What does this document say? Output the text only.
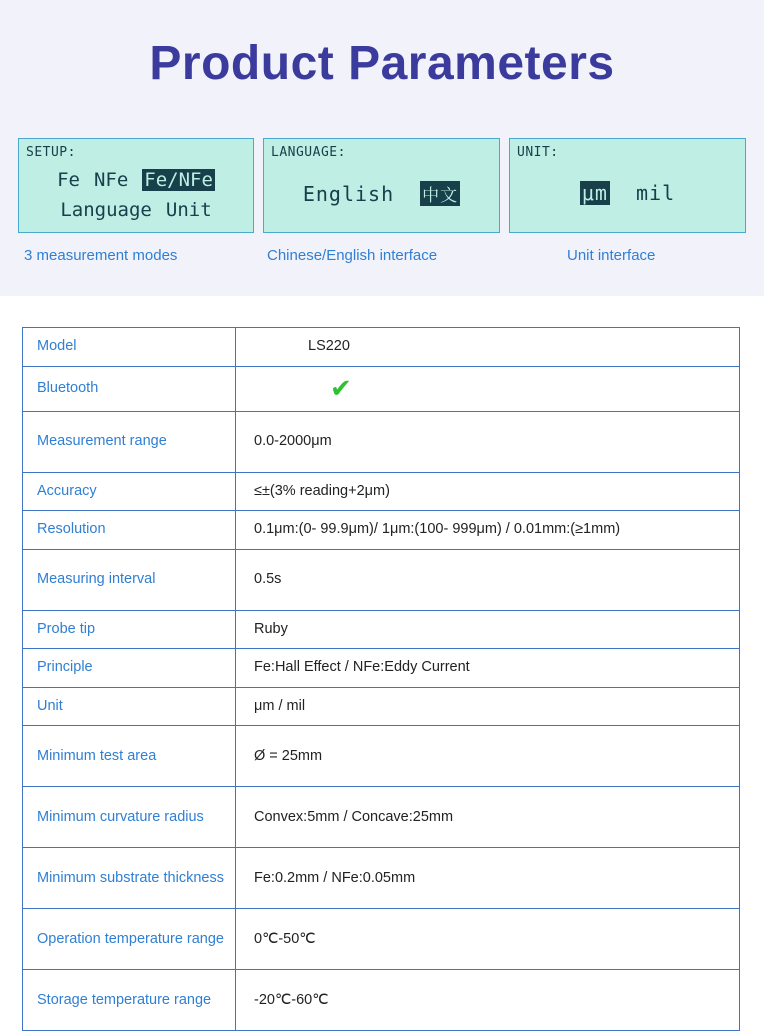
Product Parameters
SETUP:
Fe NFe Fe/NFe
Language Unit
3 measurement modes
LANGUAGE:
English 中文
Chinese/English interface
UNIT:
μm mil
Unit interface
Model	LS220
Bluetooth	✔
Measurement range	0.0-2000μm
Accuracy	≤±(3% reading+2μm)
Resolution	0.1μm:(0- 99.9μm)/ 1μm:(100- 999μm) / 0.01mm:(≥1mm)
Measuring interval	0.5s
Probe tip	Ruby
Principle	Fe:Hall Effect / NFe:Eddy Current
Unit	μm / mil
Minimum test area	Ø = 25mm
Minimum curvature radius	Convex:5mm / Concave:25mm
Minimum substrate thickness	Fe:0.2mm / NFe:0.05mm
Operation temperature range	0℃-50℃
Storage temperature range	-20℃-60℃
